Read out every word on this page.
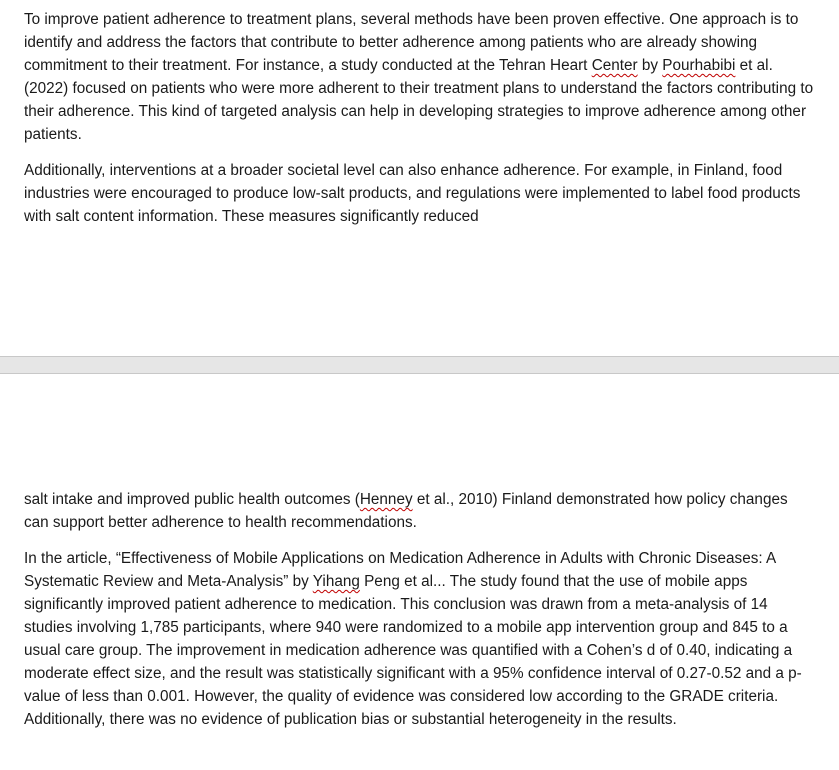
To improve patient adherence to treatment plans, several methods have been proven effective. One approach is to identify and address the factors that contribute to better adherence among patients who are already showing commitment to their treatment. For instance, a study conducted at the Tehran Heart Center by Pourhabibi et al. (2022) focused on patients who were more adherent to their treatment plans to understand the factors contributing to their adherence. This kind of targeted analysis can help in developing strategies to improve adherence among other patients.

Additionally, interventions at a broader societal level can also enhance adherence. For example, in Finland, food industries were encouraged to produce low-salt products, and regulations were implemented to label food products with salt content information. These measures significantly reduced

salt intake and improved public health outcomes (Henney et al., 2010) Finland demonstrated how policy changes can support better adherence to health recommendations.

In the article, “Effectiveness of Mobile Applications on Medication Adherence in Adults with Chronic Diseases: A Systematic Review and Meta-Analysis” by Yihang Peng et al... The study found that the use of mobile apps significantly improved patient adherence to medication. This conclusion was drawn from a meta-analysis of 14 studies involving 1,785 participants, where 940 were randomized to a mobile app intervention group and 845 to a usual care group. The improvement in medication adherence was quantified with a Cohen’s d of 0.40, indicating a moderate effect size, and the result was statistically significant with a 95% confidence interval of 0.27-0.52 and a p-value of less than 0.001. However, the quality of evidence was considered low according to the GRADE criteria. Additionally, there was no evidence of publication bias or substantial heterogeneity in the results.
